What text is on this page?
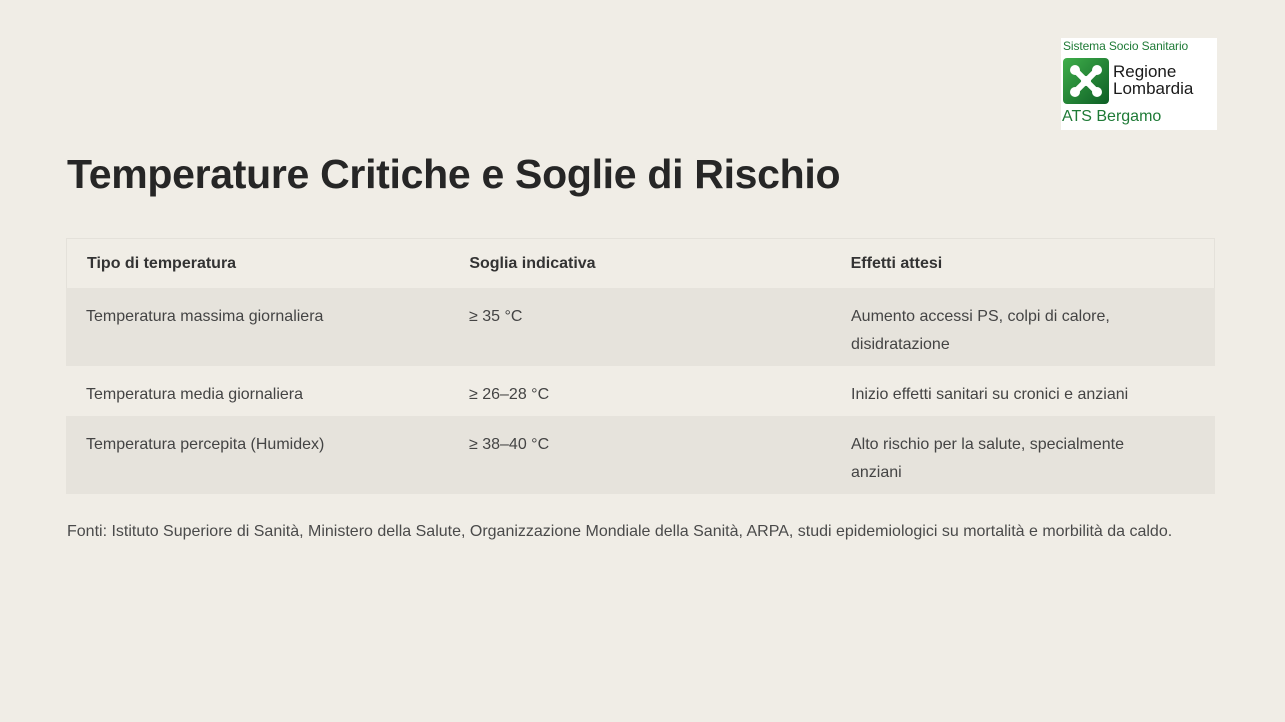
Sistema Socio Sanitario
Regione
Lombardia
ATS Bergamo
Temperature Critiche e Soglie di Rischio
Tipo di temperatura	Soglia indicativa	Effetti attesi
Temperatura massima giornaliera	≥ 35 °C	Aumento accessi PS, colpi di calore, disidratazione
Temperatura media giornaliera	≥ 26–28 °C	Inizio effetti sanitari su cronici e anziani
Temperatura percepita (Humidex)	≥ 38–40 °C	Alto rischio per la salute, specialmente anziani
Fonti: Istituto Superiore di Sanità, Ministero della Salute, Organizzazione Mondiale della Sanità, ARPA, studi epidemiologici su mortalità e morbilità da caldo.
